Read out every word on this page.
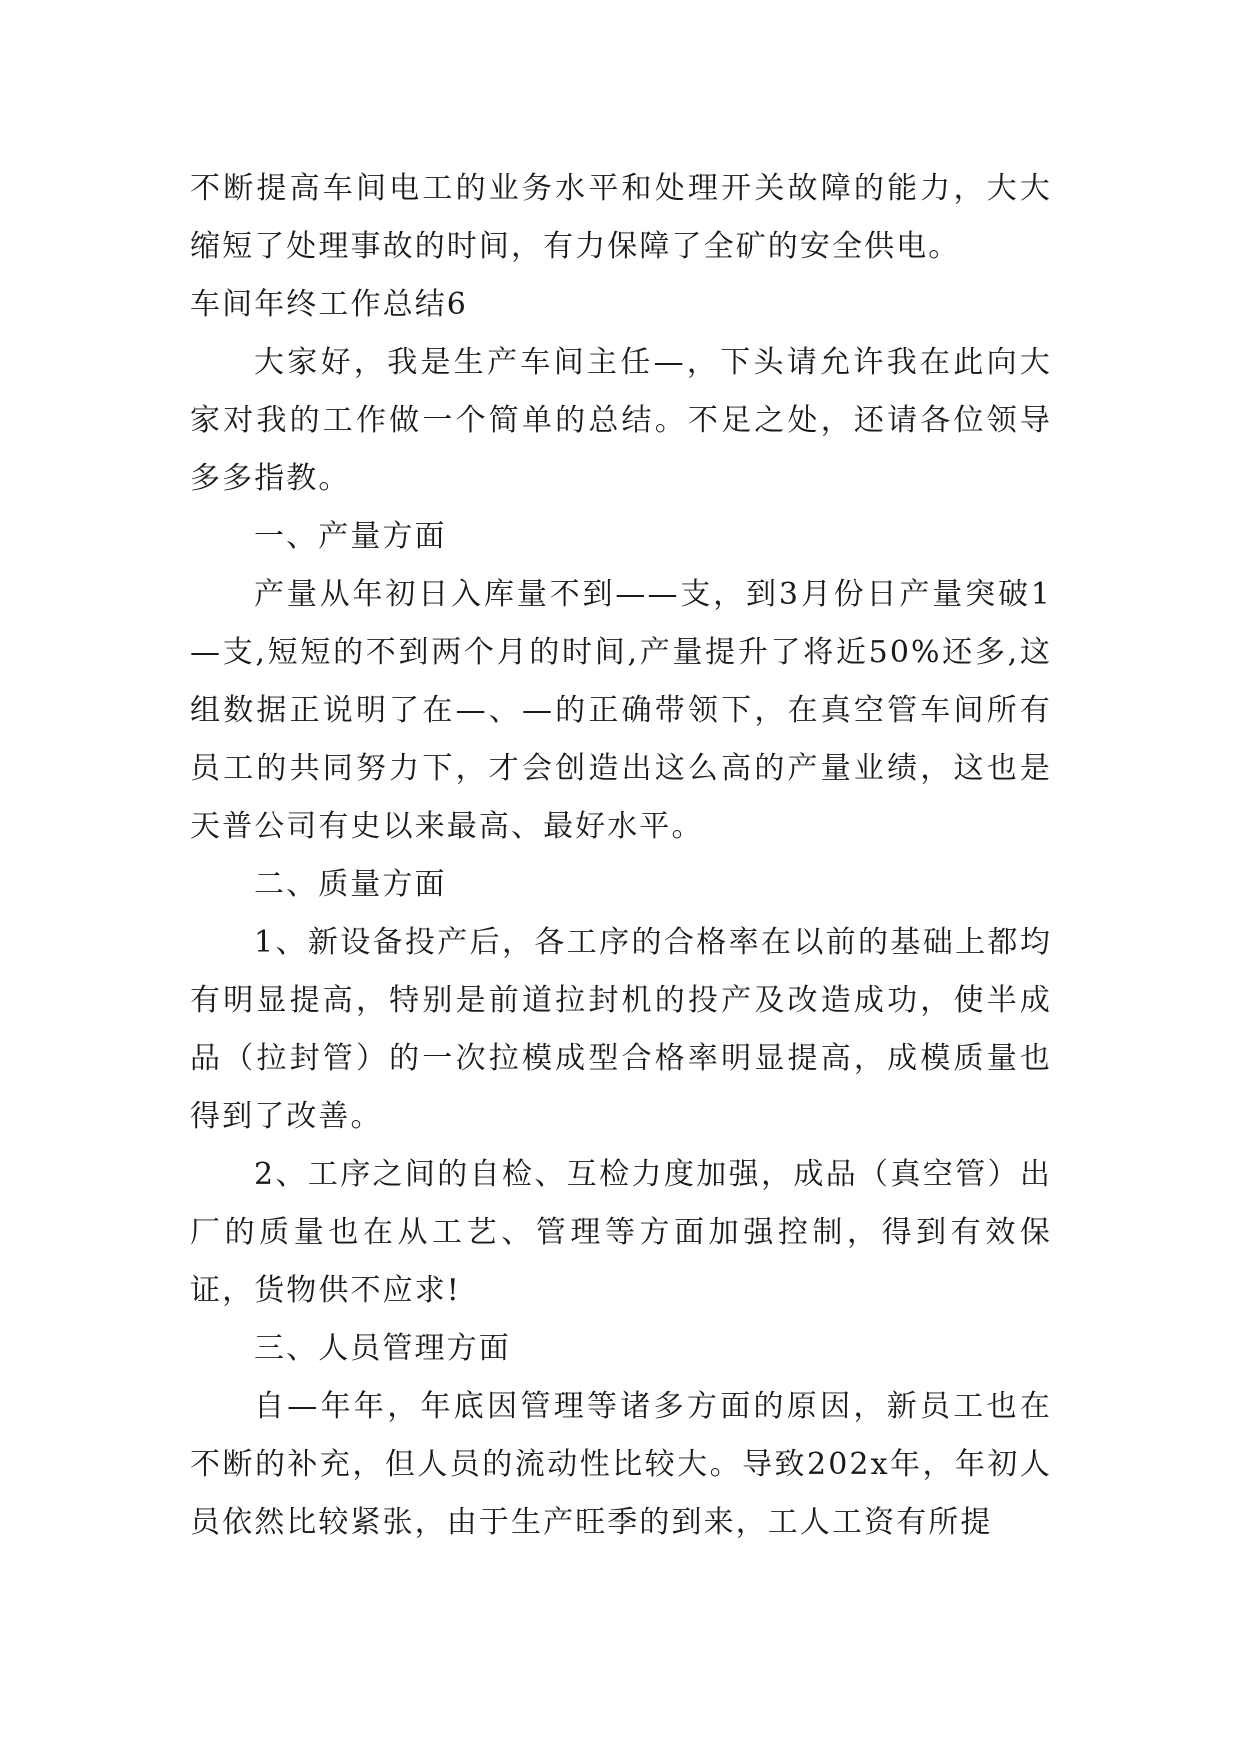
不断提高车间电工的业务水平和处理开关故障的能力，大大缩短了处理事故的时间，有力保障了全矿的安全供电。

车间年终工作总结6

大家好，我是生产车间主任—，下头请允许我在此向大家对我的工作做一个简单的总结。不足之处，还请各位领导多多指教。

一、产量方面

产量从年初日入库量不到——支，到3月份日产量突破1—支,短短的不到两个月的时间,产量提升了将近50%还多,这组数据正说明了在—、—的正确带领下，在真空管车间所有员工的共同努力下，才会创造出这么高的产量业绩，这也是天普公司有史以来最高、最好水平。

二、质量方面

1、新设备投产后，各工序的合格率在以前的基础上都均有明显提高，特别是前道拉封机的投产及改造成功，使半成品（拉封管）的一次拉模成型合格率明显提高，成模质量也得到了改善。

2、工序之间的自检、互检力度加强，成品（真空管）出厂的质量也在从工艺、管理等方面加强控制，得到有效保证，货物供不应求!

三、人员管理方面

自—年年，年底因管理等诸多方面的原因，新员工也在不断的补充，但人员的流动性比较大。导致202x年，年初人员依然比较紧张，由于生产旺季的到来，工人工资有所提
